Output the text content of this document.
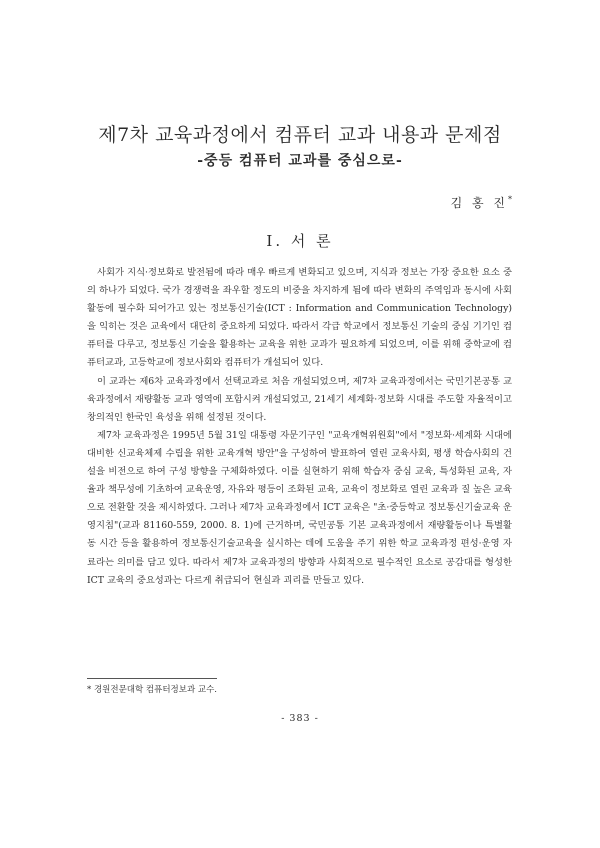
제7차 교육과정에서 컴퓨터 교과 내용과 문제점
-중등 컴퓨터 교과를 중심으로-
김 홍 진*
Ⅰ. 서 론

사회가 지식·정보화로 발전됨에 따라 매우 빠르게 변화되고 있으며, 지식과 정보는 가장 중요한 요소 중의 하나가 되었다. 국가 경쟁력을 좌우할 정도의 비중을 차지하게 됨에 따라 변화의 주역임과 동시에 사회활동에 필수화 되어가고 있는 정보통신기술(ICT : Information and Communication Technology)을 익히는 것은 교육에서 대단히 중요하게 되었다. 따라서 각급 학교에서 정보통신 기술의 중심 기기인 컴퓨터를 다루고, 정보통신 기술을 활용하는 교육을 위한 교과가 필요하게 되었으며, 이를 위해 중학교에 컴퓨터교과, 고등학교에 정보사회와 컴퓨터가 개설되어 있다.

이 교과는 제6차 교육과정에서 선택교과로 처음 개설되었으며, 제7차 교육과정에서는 국민기본공통 교육과정에서 재량활동 교과 영역에 포함시켜 개설되었고, 21세기 세계화·정보화 시대를 주도할 자율적이고 창의적인 한국인 육성을 위해 설정된 것이다.

제7차 교육과정은 1995년 5월 31일 대통령 자문기구인 "교육개혁위원회"에서 "정보화·세계화 시대에 대비한 신교육체제 수립을 위한 교육개혁 방안"을 구성하여 발표하여 열린 교육사회, 평생 학습사회의 건설을 비전으로 하여 구성 방향을 구체화하였다. 이를 실현하기 위해 학습자 중심 교육, 특성화된 교육, 자율과 책무성에 기초하여 교육운영, 자유와 평등이 조화된 교육, 교육이 정보화로 열린 교육과 질 높은 교육으로 전환할 것을 제시하였다. 그러나 제7차 교육과정에서 ICT 교육은 "초·중등학교 정보통신기술교육 운영지침"(교과 81160-559, 2000. 8. 1)에 근거하며, 국민공통 기본 교육과정에서 재량활동이나 특별활동 시간 등을 활용하여 정보통신기술교육을 실시하는 데에 도움을 주기 위한 학교 교육과정 편성·운영 자료라는 의미를 담고 있다. 따라서 제7차 교육과정의 방향과 사회적으로 필수적인 요소로 공감대를 형성한 ICT 교육의 중요성과는 다르게 취급되어 현실과 괴리를 만들고 있다.

* 경원전문대학 컴퓨터정보과 교수.
- 383 -
